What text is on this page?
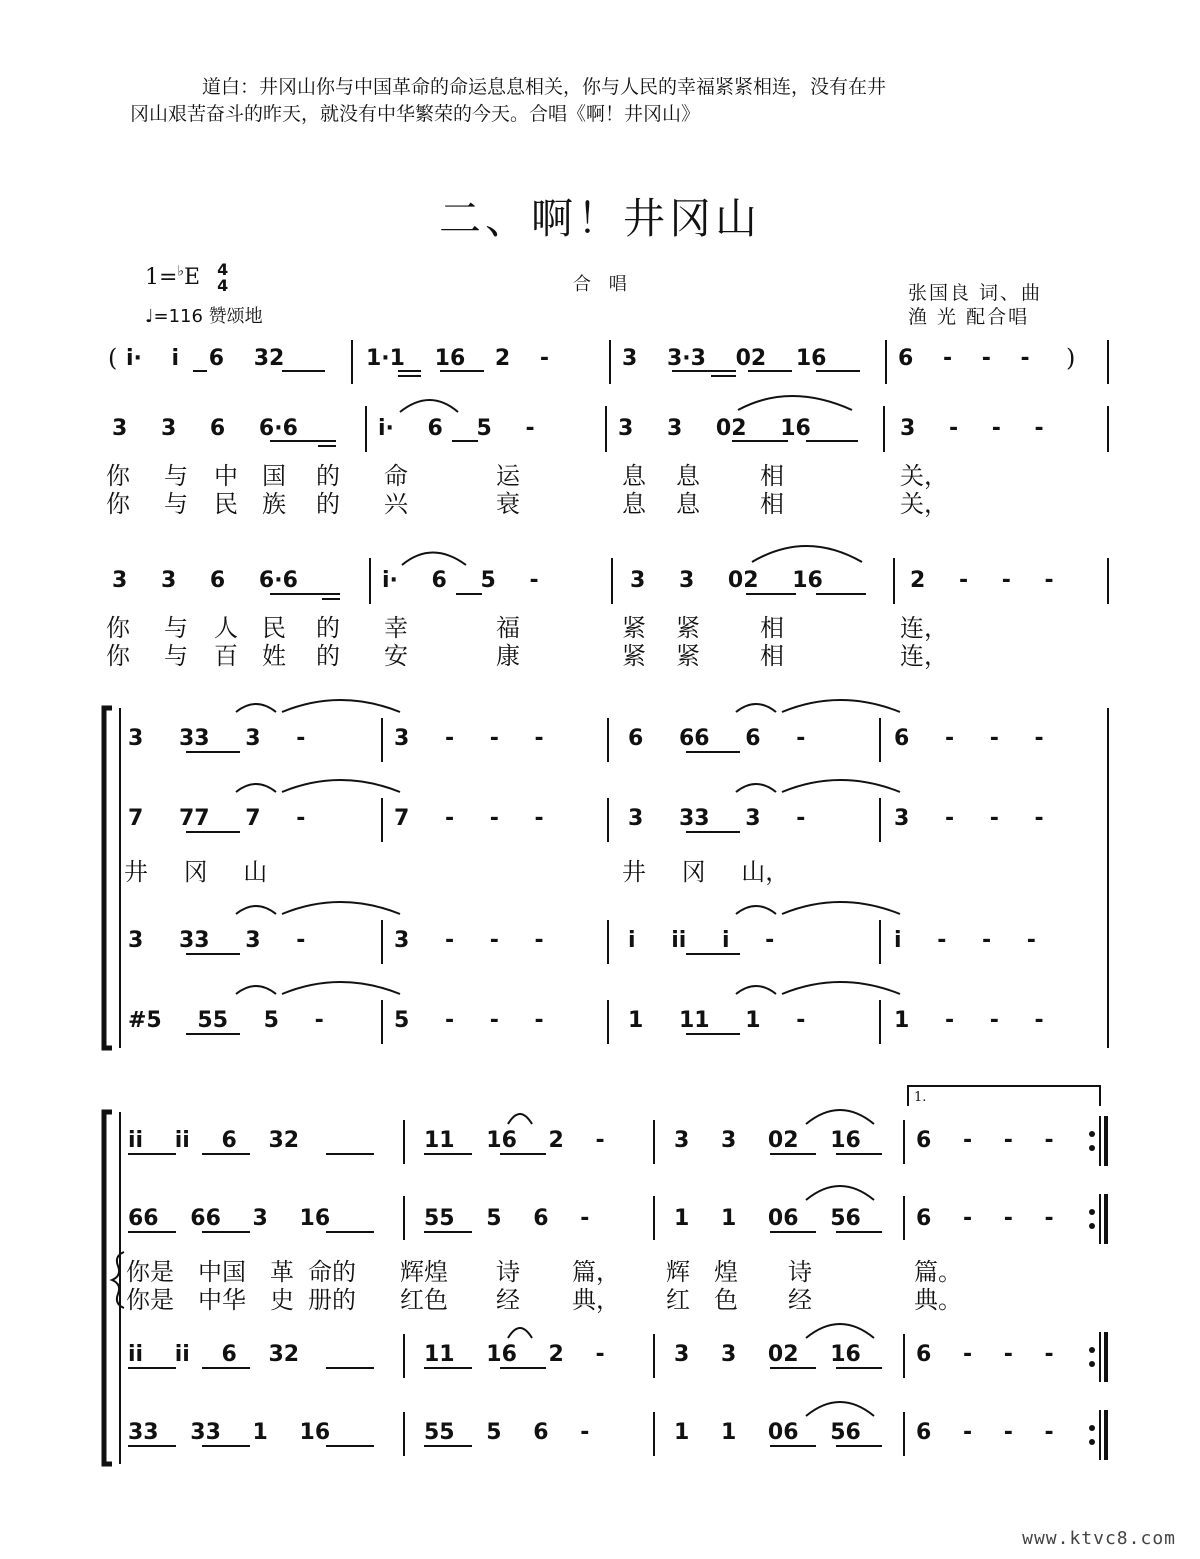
道白：井冈山你与中国革命的命运息息相关，你与人民的幸福紧紧相连，没有在井
冈山艰苦奋斗的昨天，就没有中华繁荣的今天。合唱《啊！井冈山》
二、啊！井冈山
1=♭E 4
4
♩=116 赞颂地
合 唱	张国良 词、曲
渔 光 配合唱
(	)
i· i 6 32	1·1 16 2 -	3 3·3 02 16	6 - - -
3 3 6 6·6	i· 6 5 -	3 3 02 16	3 - - -
你 与 中 国 的 命	运	息 息	相	关，
你 与 民 族 的 兴	衰	息 息	相	关，
3 3 6 6·6	i· 6 5 -	3 3 02 16	2 - - -
你 与 人 民 的 幸	福	紧 紧	相	连，
你 与 百 姓 的 安	康	紧 紧	相	连，
3 33 3 -	3 - - -	6 66 6 -	6 - - -
7 77 7 -	7 - - -	3 33 3 -	3 - - -
3 33 3 -	3 - - -	i ii i -	i - - -
#5 55 5 -	5 - - -	1 11 1 -	1 - - -
井 冈 山	井 冈 山，
ii ii 6 32	11 16 2 -	3 3 02 16	6 - - -
66 66 3 16	55 5 6 -	1 1 06 56	6 - - -
ii ii 6 32	11 16 2 -	3 3 02 16	6 - - -
33 33 1 16	55 5 6 -	1 1 06 56	6 - - -
你是 中国 革 命的 辉煌 诗 篇， 辉 煌 诗	篇。
你是 中华 史 册的 红色 经 典， 红 色 经	典。
1.
www.ktvc8.com
